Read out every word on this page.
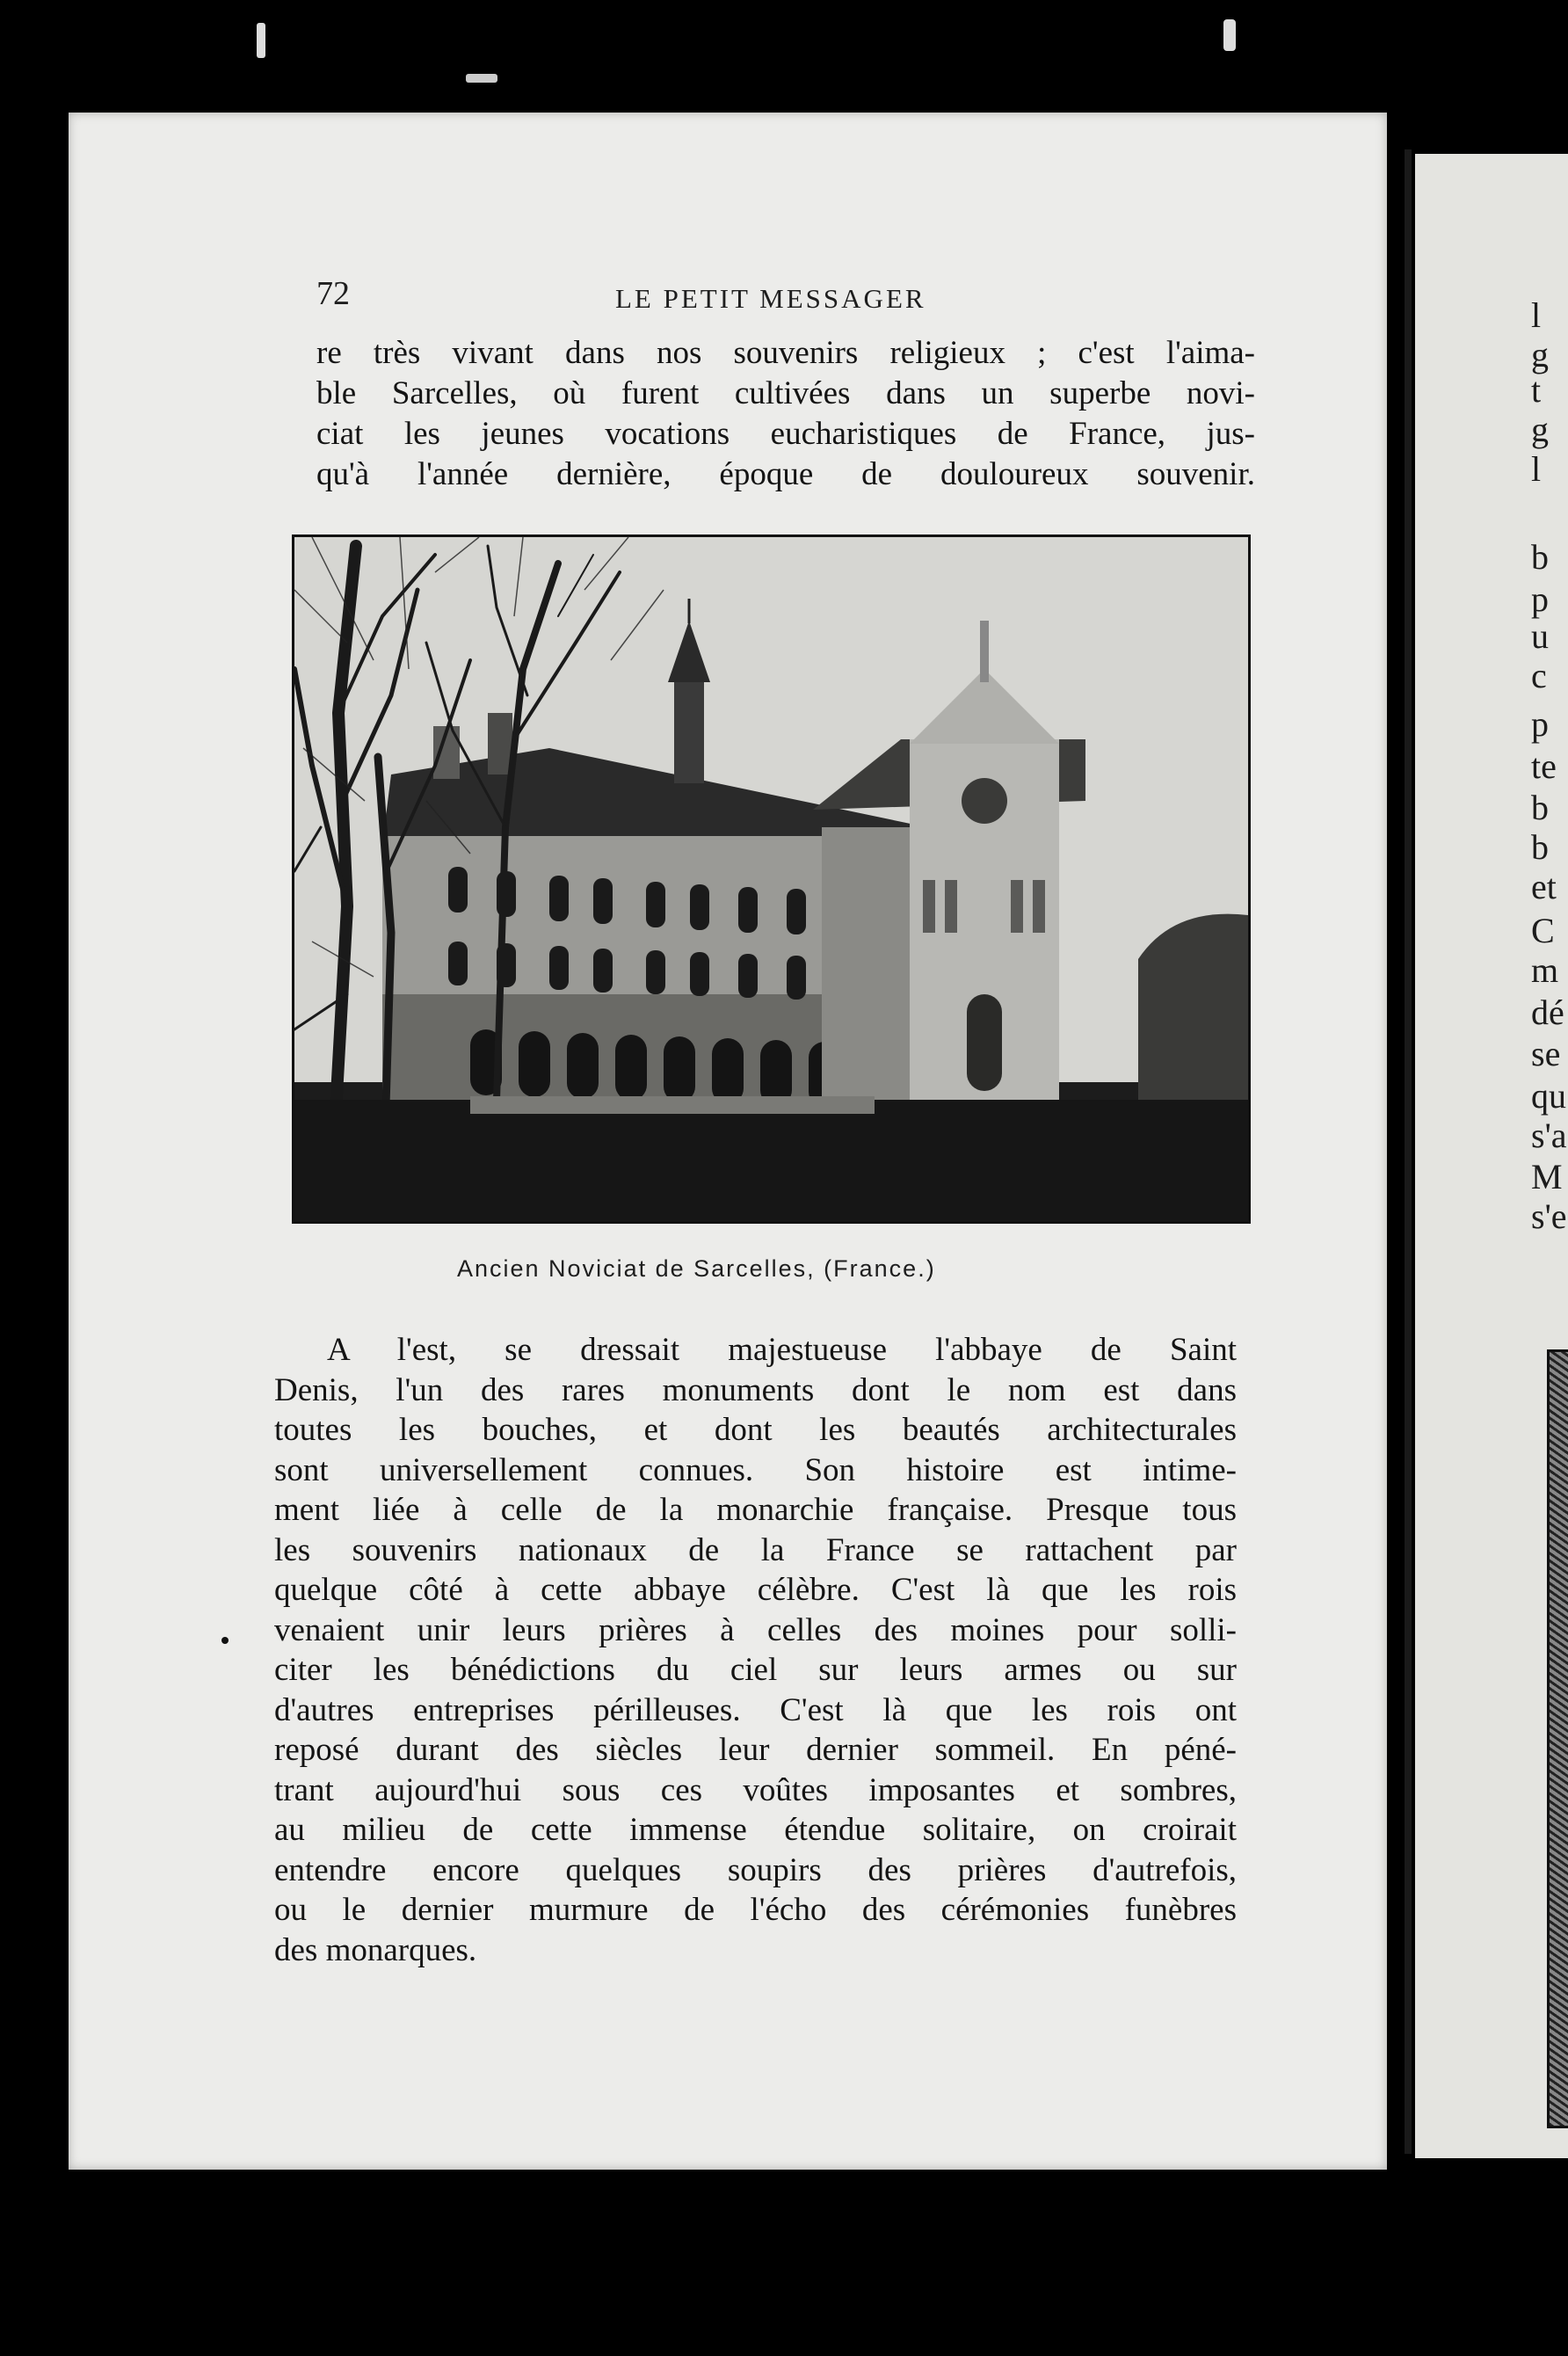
l
g
t
g
l
b
p
u
c
p
te
b
b
et
C
m
dé
se
qu
s'a
M
s'e
72	LE PETIT MESSAGER
re très vivant dans nos souvenirs religieux ; c'est l'aima-
ble Sarcelles, où furent cultivées dans un superbe novi-
ciat les jeunes vocations eucharistiques de France, jus-
qu'à l'année dernière, époque de douloureux souvenir.
Ancien Noviciat de Sarcelles, (France.)
A l'est, se dressait majestueuse l'abbaye de Saint
Denis, l'un des rares monuments dont le nom est dans
toutes les bouches, et dont les beautés architecturales
sont universellement connues. Son histoire est intime-
ment liée à celle de la monarchie française. Presque tous
les souvenirs nationaux de la France se rattachent par
quelque côté à cette abbaye célèbre. C'est là que les rois
venaient unir leurs prières à celles des moines pour solli-
citer les bénédictions du ciel sur leurs armes ou sur
d'autres entreprises périlleuses. C'est là que les rois ont
reposé durant des siècles leur dernier sommeil. En péné-
trant aujourd'hui sous ces voûtes imposantes et sombres,
au milieu de cette immense étendue solitaire, on croirait
entendre encore quelques soupirs des prières d'autrefois,
ou le dernier murmure de l'écho des cérémonies funèbres
des monarques.
